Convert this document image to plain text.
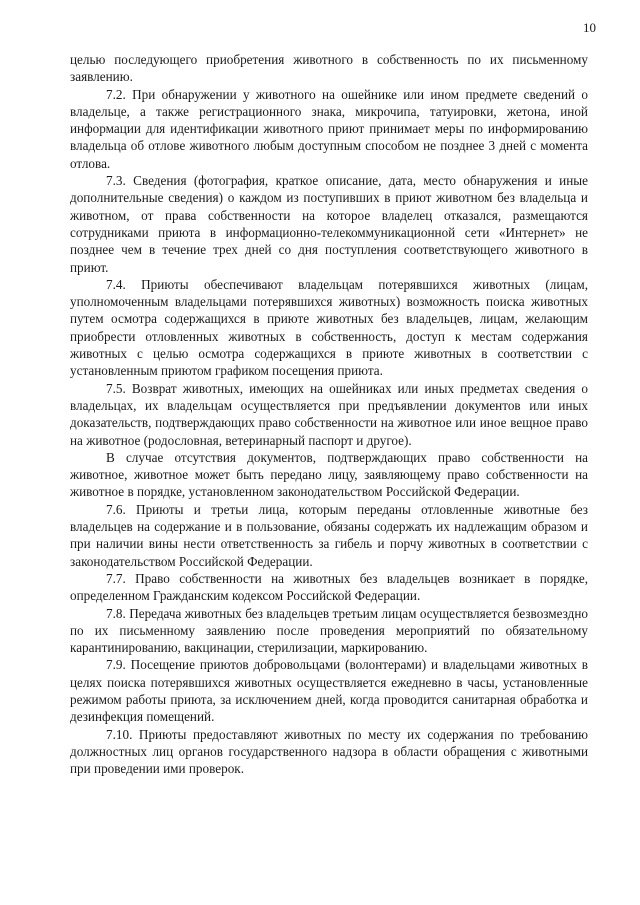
10

целью последующего приобретения животного в собственность по их письменному заявлению.

7.2. При обнаружении у животного на ошейнике или ином предмете сведений о владельце, а также регистрационного знака, микрочипа, татуировки, жетона, иной информации для идентификации животного приют принимает меры по информированию владельца об отлове животного любым доступным способом не позднее 3 дней с момента отлова.

7.3. Сведения (фотография, краткое описание, дата, место обнаружения и иные дополнительные сведения) о каждом из поступивших в приют животном без владельца и животном, от права собственности на которое владелец отказался, размещаются сотрудниками приюта в информационно-телекоммуникационной сети «Интернет» не позднее чем в течение трех дней со дня поступления соответствующего животного в приют.

7.4. Приюты обеспечивают владельцам потерявшихся животных (лицам, уполномоченным владельцами потерявшихся животных) возможность поиска животных путем осмотра содержащихся в приюте животных без владельцев, лицам, желающим приобрести отловленных животных в собственность, доступ к местам содержания животных с целью осмотра содержащихся в приюте животных в соответствии с установленным приютом графиком посещения приюта.

7.5. Возврат животных, имеющих на ошейниках или иных предметах сведения о владельцах, их владельцам осуществляется при предъявлении документов или иных доказательств, подтверждающих право собственности на животное или иное вещное право на животное (родословная, ветеринарный паспорт и другое).

В случае отсутствия документов, подтверждающих право собственности на животное, животное может быть передано лицу, заявляющему право собственности на животное в порядке, установленном законодательством Российской Федерации.

7.6. Приюты и третьи лица, которым переданы отловленные животные без владельцев на содержание и в пользование, обязаны содержать их надлежащим образом и при наличии вины нести ответственность за гибель и порчу животных в соответствии с законодательством Российской Федерации.

7.7. Право собственности на животных без владельцев возникает в порядке, определенном Гражданским кодексом Российской Федерации.

7.8. Передача животных без владельцев третьим лицам осуществляется безвозмездно по их письменному заявлению после проведения мероприятий по обязательному карантинированию, вакцинации, стерилизации, маркированию.

7.9. Посещение приютов добровольцами (волонтерами) и владельцами животных в целях поиска потерявшихся животных осуществляется ежедневно в часы, установленные режимом работы приюта, за исключением дней, когда проводится санитарная обработка и дезинфекция помещений.

7.10. Приюты предоставляют животных по месту их содержания по требованию должностных лиц органов государственного надзора в области обращения с животными при проведении ими проверок.
